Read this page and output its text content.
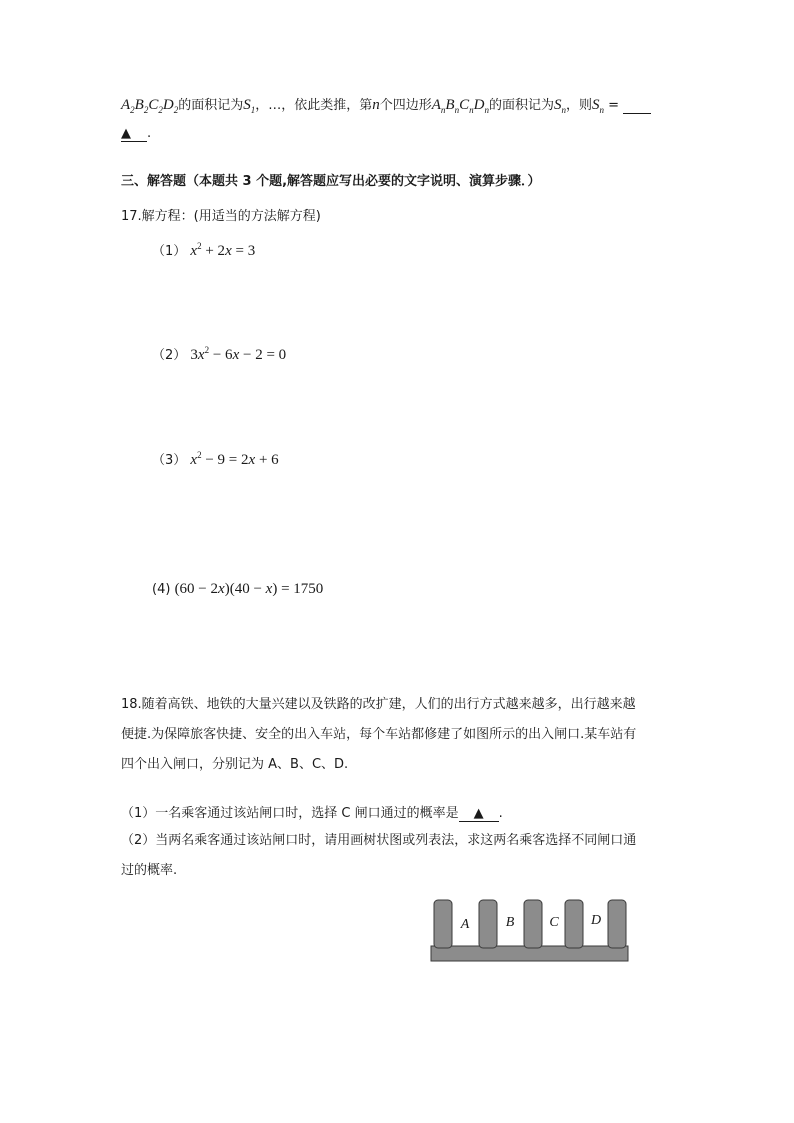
$A_2B_2C_2D_2$的面积记为$S_1$，…，依此类推，第n个四边形$A_nB_nC_nD_n$的面积记为$S_n$，则$S_n$ =
▲ .
三、解答题（本题共 3 个题,解答题应写出必要的文字说明、演算步骤．）
17.解方程：(用适当的方法解方程)
（1） $x^2 + 2x = 3$
（2） $3x^2 - 6x - 2 = 0$
（3） $x^2 - 9 = 2x + 6$
(4) (60 − 2x)(40 − x) = 1750
18.随着高铁、地铁的大量兴建以及铁路的改扩建，人们的出行方式越来越多，出行越来越
便捷.为保障旅客快捷、安全的出入车站，每个车站都修建了如图所示的出入闸口.某车站有
四个出入闸口，分别记为 A、B、C、D.
（1）一名乘客通过该站闸口时，选择 C 闸口通过的概率是 ▲ .
（2）当两名乘客通过该站闸口时，请用画树状图或列表法，求这两名乘客选择不同闸口通
过的概率.
A	B	C D
